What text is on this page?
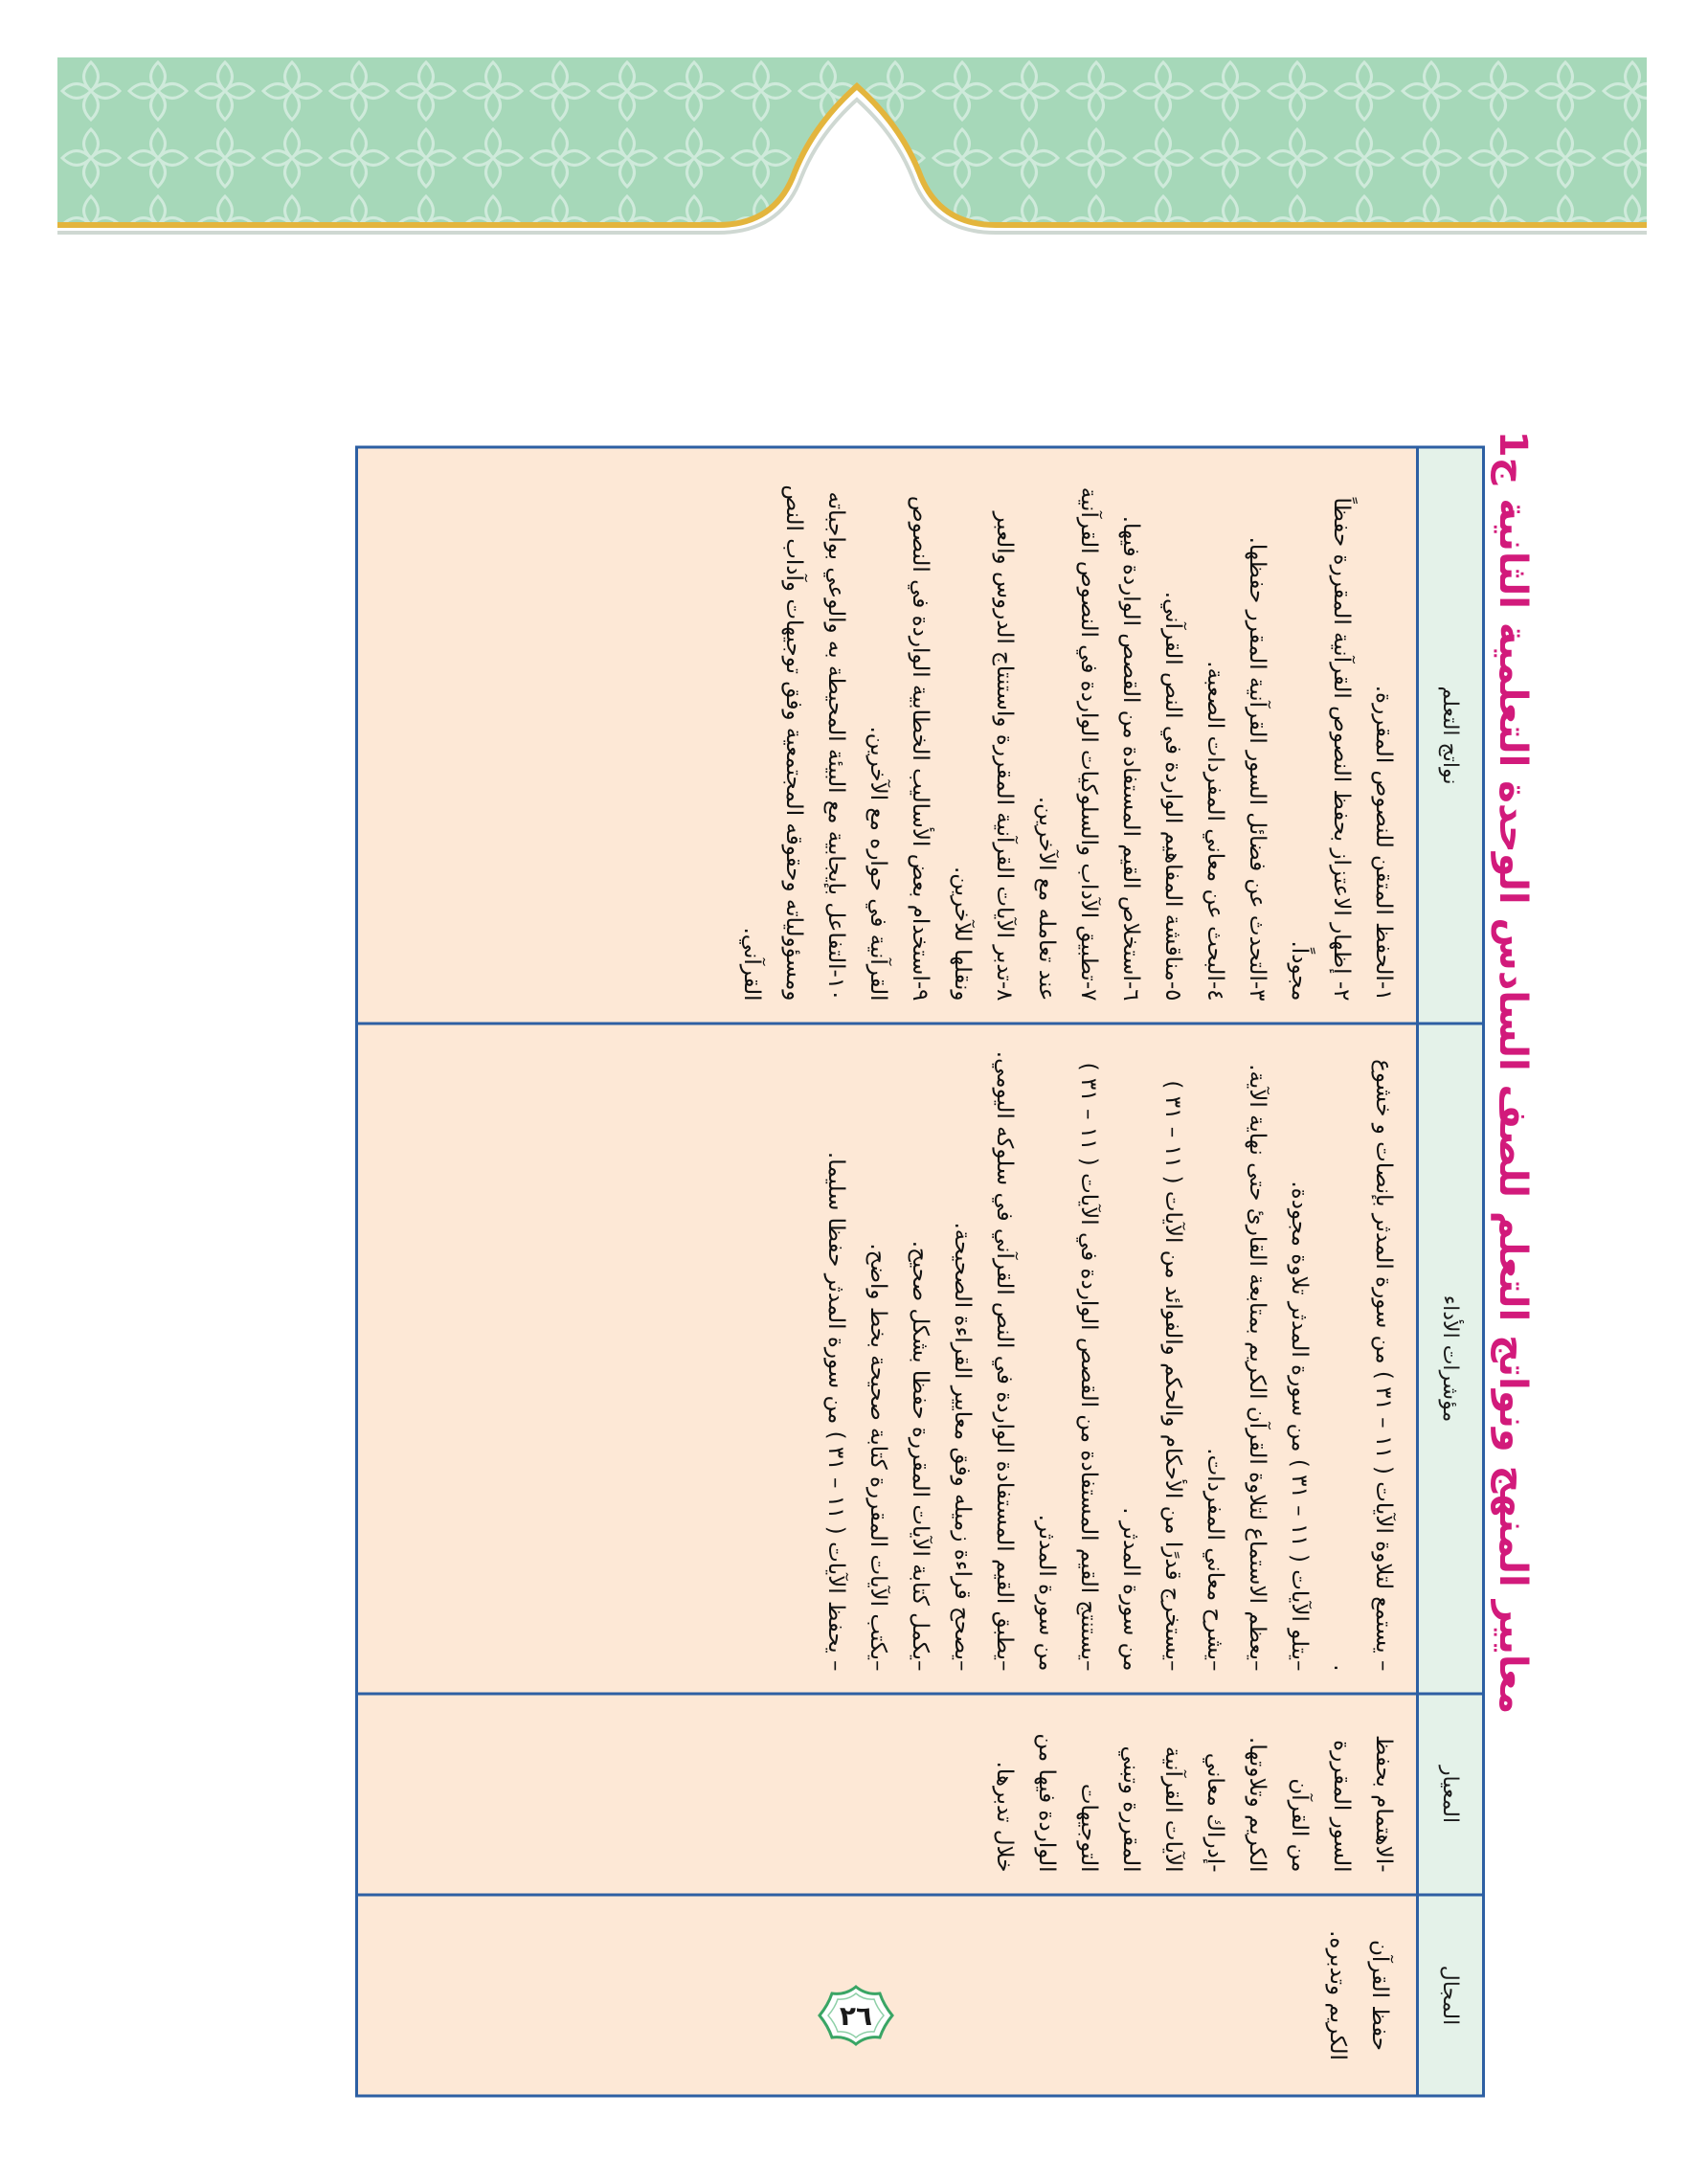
معايير المنهج ونواتج التعلم للصف السادس الوحدة التعلمية الثانية ج1
المجال
المعيار
مؤشرات الأداء
نواتج التعلم
حفظ القرآن الكريم وتدبره.
-الاهتمام بحفظ السور المقررة من القرآن الكريم وتلاوتها.
-إدراك معاني الآيات القرآنية المقررة وتبني التوجيهات الواردة فيها من خلال تدبرها.
– يستمع لتلاوة الآيات ( ١١ – ٣١ ) من سورة المدثر بإنصات و خشوع .
–يتلو الآيات ( ١١ – ٣١ ) من سورة المدثر تلاوة مجودة.
–يعظم الاستماع لتلاوة القرآن الكريم بمتابعة القارئ حتى نهاية الآية.
–يشرح معاني المفردات.
–يستخرج قدرًا من الأحكام والحكم والفوائد من الآيات ( ١١ – ٣١ ) من سورة المدثر .
–يستنتج القيم المستفادة من القصص الواردة في الآيات ( ١١ – ٣١ ) من سورة المدثر.
–يطبق القيم المستفادة الواردة في النص القرآني في سلوكه اليومي.
–يصحح قراءة زميله وفق معايير القراءة الصحيحة.
–يكمل كتابة الآيات المقررة حفظا بشكل صحيح.
–يكتب الآيات المقررة كتابة صحيحة بخط واضح.
– يحفظ الآيات ( ١١ – ٣١ ) من سورة المدثر حفظا سليما.
١-الحفظ المتقن للنصوص المقررة.
٢- إظهار الاعتزاز بحفظ النصوص القرآنية المقررة حفظاً مجوداً.
٣-التحدث عن فضائل السور القرآنية المقرر حفظها.
٤-البحث عن معاني المفردات الصعبة.
٥-مناقشة المفاهيم الواردة في النص القرآني.
٦-استخلاص القيم المستفادة من القصص الواردة فيها.
٧-تطبيق الآداب والسلوكيات الواردة في النصوص القرآنية عند تعامله مع الآخرين.
٨-تدبر الآيات القرآنية المقررة واستنتاج الدروس والعبر ونقلها للآخرين.
٩-استخدام بعض الأساليب الخطابية الواردة في النصوص القرآنية في حواره مع الآخرين.
١٠-التفاعل بإيجابية مع البيئة المحيطة به والوعي بواجباته ومسؤولياته وحقوقه المجتمعية وفق توجيهات وآداب النص القرآني.
٢٦
